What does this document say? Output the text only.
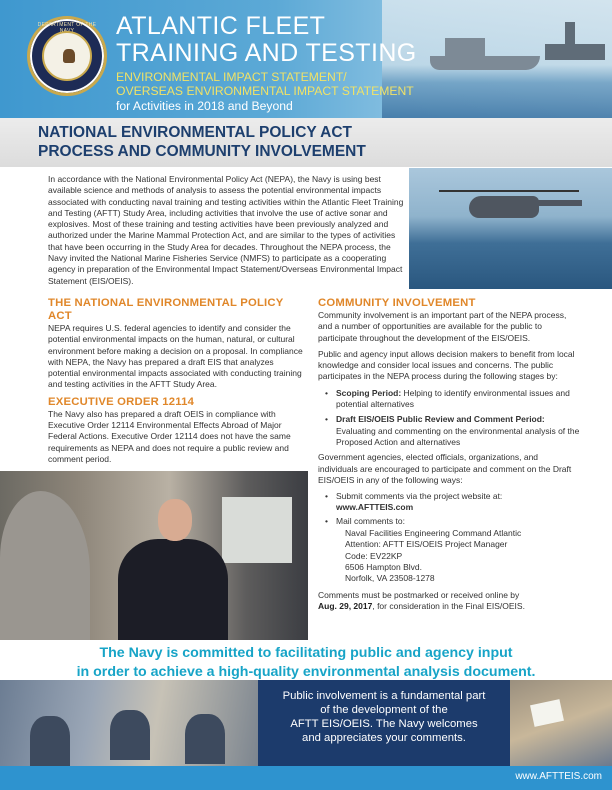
DEPARTMENT OF THE ATLANTIC FLEET
TRAINING AND TESTING
ENVIRONMENTAL IMPACT STATEMENT/
OVERSEAS ENVIRONMENTAL IMPACT STATEMENT
for Activities in 2018 and Beyond
NATIONAL ENVIRONMENTAL POLICY ACT
PROCESS AND COMMUNITY INVOLVEMENT
In accordance with the National Environmental Policy Act (NEPA), the Navy is using best available science and methods of analysis to assess the potential environmental impacts associated with conducting naval training and testing activities within the Atlantic Fleet Training and Testing (AFTT) Study Area, including activities that involve the use of active sonar and explosives. Most of these training and testing activities have been previously analyzed and authorized under the Marine Mammal Protection Act, and are similar to the types of activities that have been occurring in the Study Area for decades. Throughout the NEPA process, the Navy invited the National Marine Fisheries Service (NMFS) to participate as a cooperating agency in preparation of the Environmental Impact Statement/Overseas Environmental Impact Statement (EIS/OEIS).
THE NATIONAL ENVIRONMENTAL POLICY ACT
NEPA requires U.S. federal agencies to identify and consider the potential environmental impacts on the human, natural, or cultural environment before making a decision on a proposal. In compliance with NEPA, the Navy has prepared a draft EIS that analyzes potential environmental impacts associated with conducting training and testing activities in the AFTT Study Area.
EXECUTIVE ORDER 12114
The Navy also has prepared a draft OEIS in compliance with Executive Order 12114 Environmental Effects Abroad of Major Federal Actions. Executive Order 12114 does not have the same requirements as NEPA and does not require a public review and comment period.
COMMUNITY INVOLVEMENT
Community involvement is an important part of the NEPA process, and a number of opportunities are available for the public to participate throughout the development of the EIS/OEIS.
Public and agency input allows decision makers to benefit from local knowledge and consider local issues and concerns. The public participates in the NEPA process during the following stages by:
• Scoping Period: Helping to identify environmental issues and potential alternatives
• Draft EIS/OEIS Public Review and Comment Period: Evaluating and commenting on the environmental analysis of the Proposed Action and alternatives
Government agencies, elected officials, organizations, and individuals are encouraged to participate and comment on the Draft EIS/OEIS in any of the following ways:
• Submit comments via the project website at:
www.AFTTEIS.com
• Mail comments to:
Naval Facilities Engineering Command Atlantic
Attention: AFTT EIS/OEIS Project Manager
Code: EV22KP
6506 Hampton Blvd.
Norfolk, VA 23508-1278
Comments must be postmarked or received online by
Aug. 29, 2017, for consideration in the Final EIS/OEIS.
The Navy is committed to facilitating public and agency input
in order to achieve a high-quality environmental analysis document.
Public involvement is a fundamental part
of the development of the
AFTT EIS/OEIS. The Navy welcomes
and appreciates your comments.
www.AFTTEIS.com
